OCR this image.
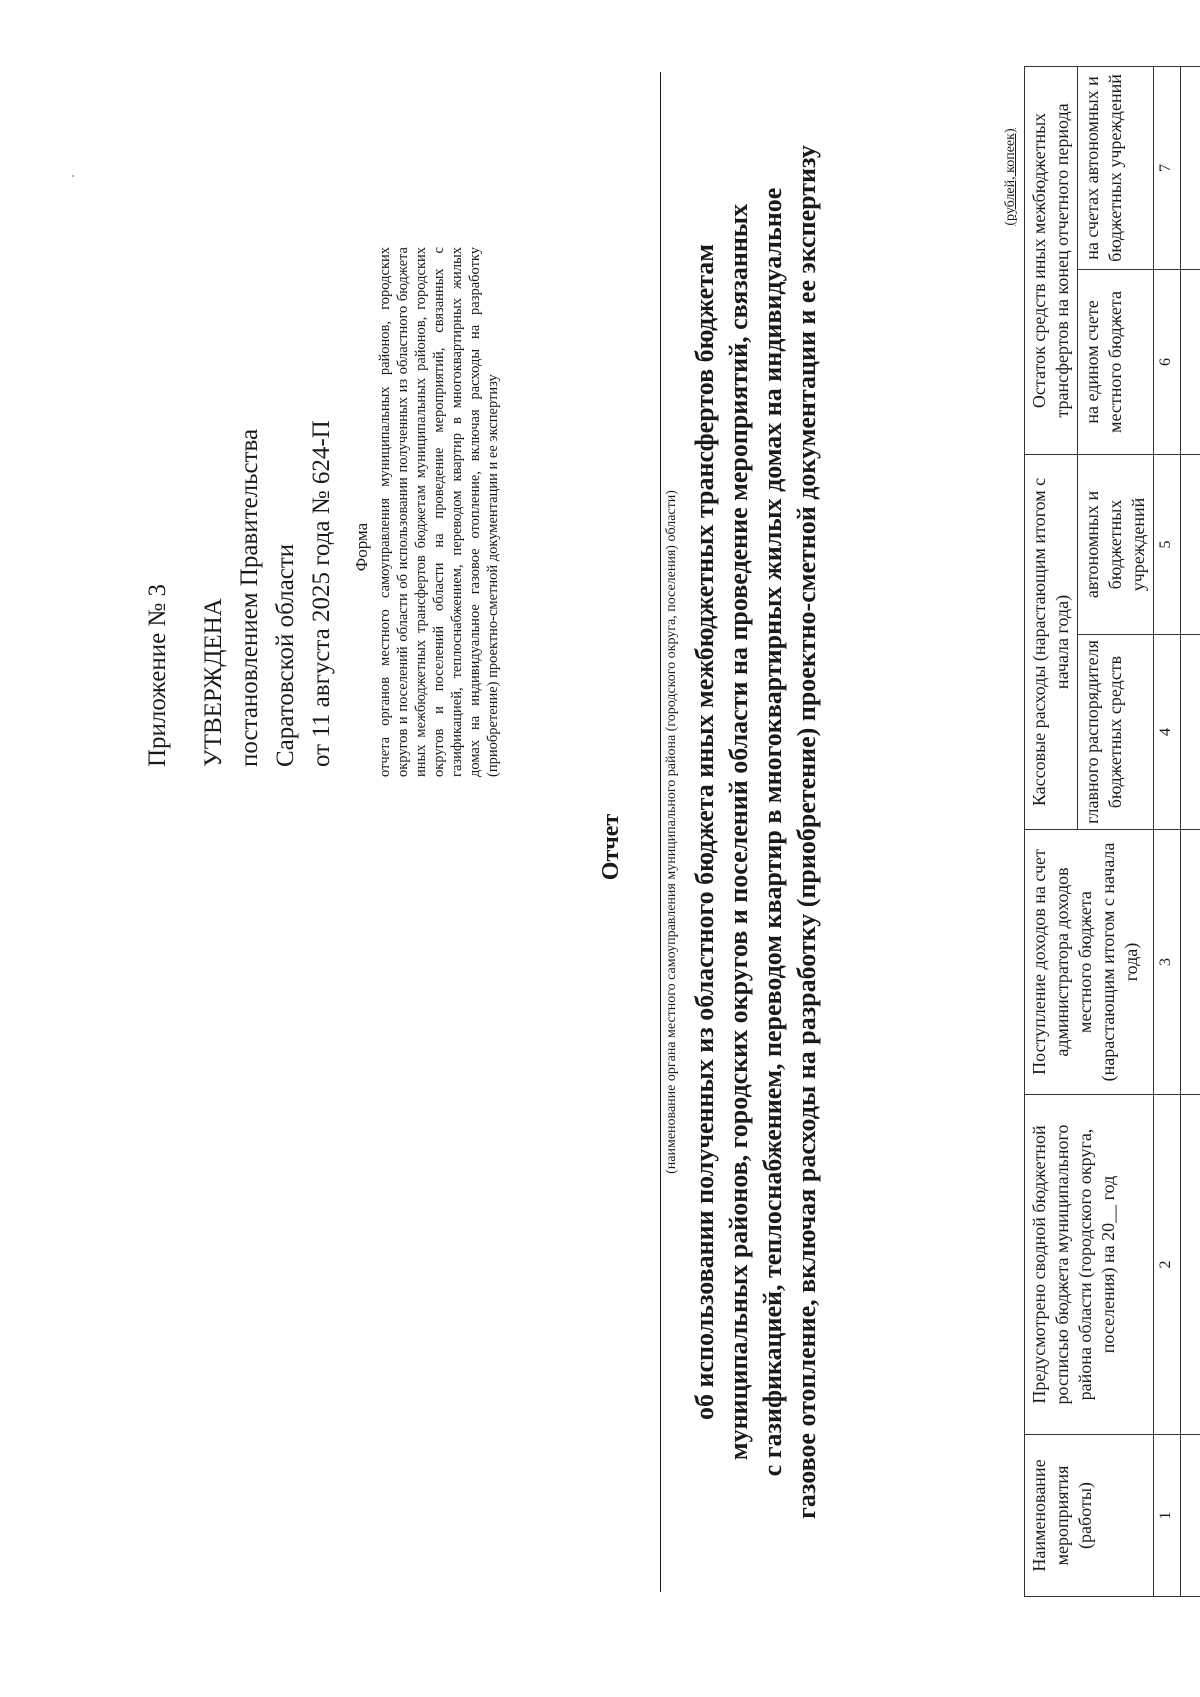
Приложение № 3 УТВЕРЖДЕНА постановлением Правительства Саратовской области от 11 августа 2025 года № 624-П Форма отчета органов местного самоуправления муниципальных районов, городских округов и поселений области об использовании полученных из областного бюджета иных межбюджетных трансфертов бюджетам муниципальных районов, городских округов и поселений области на проведение мероприятий, связанных с газификацией, теплоснабжением, переводом квартир в многоквартирных жилых домах на индивидуальное газовое отопление, включая расходы на разработку (приобретение) проектно-сметной документации и ее экспертизу
Отчет	(наименование органа местного самоуправления муниципального района (городского округа, поселения) области) об использовании полученных из областного бюджета иных межбюджетных трансфертов бюджетам муниципальных районов, городских округов и поселений области на проведение мероприятий, связанных с газификацией, теплоснабжением, переводом квартир в многоквартирных жилых домах на индивидуальное газовое отопление, включая расходы на разработку (приобретение) проектно-сметной документации и ее экспертизу	(рублей, копеек)
Наименование мероприятия (работы)	Предусмотрено сводной бюджетной росписью бюджета муниципального района области (городского округа, поселения) на 20__ год	Поступление доходов на счет администратора доходов местного бюджета (нарастающим итогом с начала года)	Кассовые расходы (нарастающим итогом с начала года)		Остаток средств иных межбюджетных трансфертов на конец отчетного периода	
			главного распорядителя бюджетных средств	автономных и бюджетных учреждений	на едином счете местного бюджета	на счетах автономных и бюджетных учреждений
1	2	3	4	5	6	7
